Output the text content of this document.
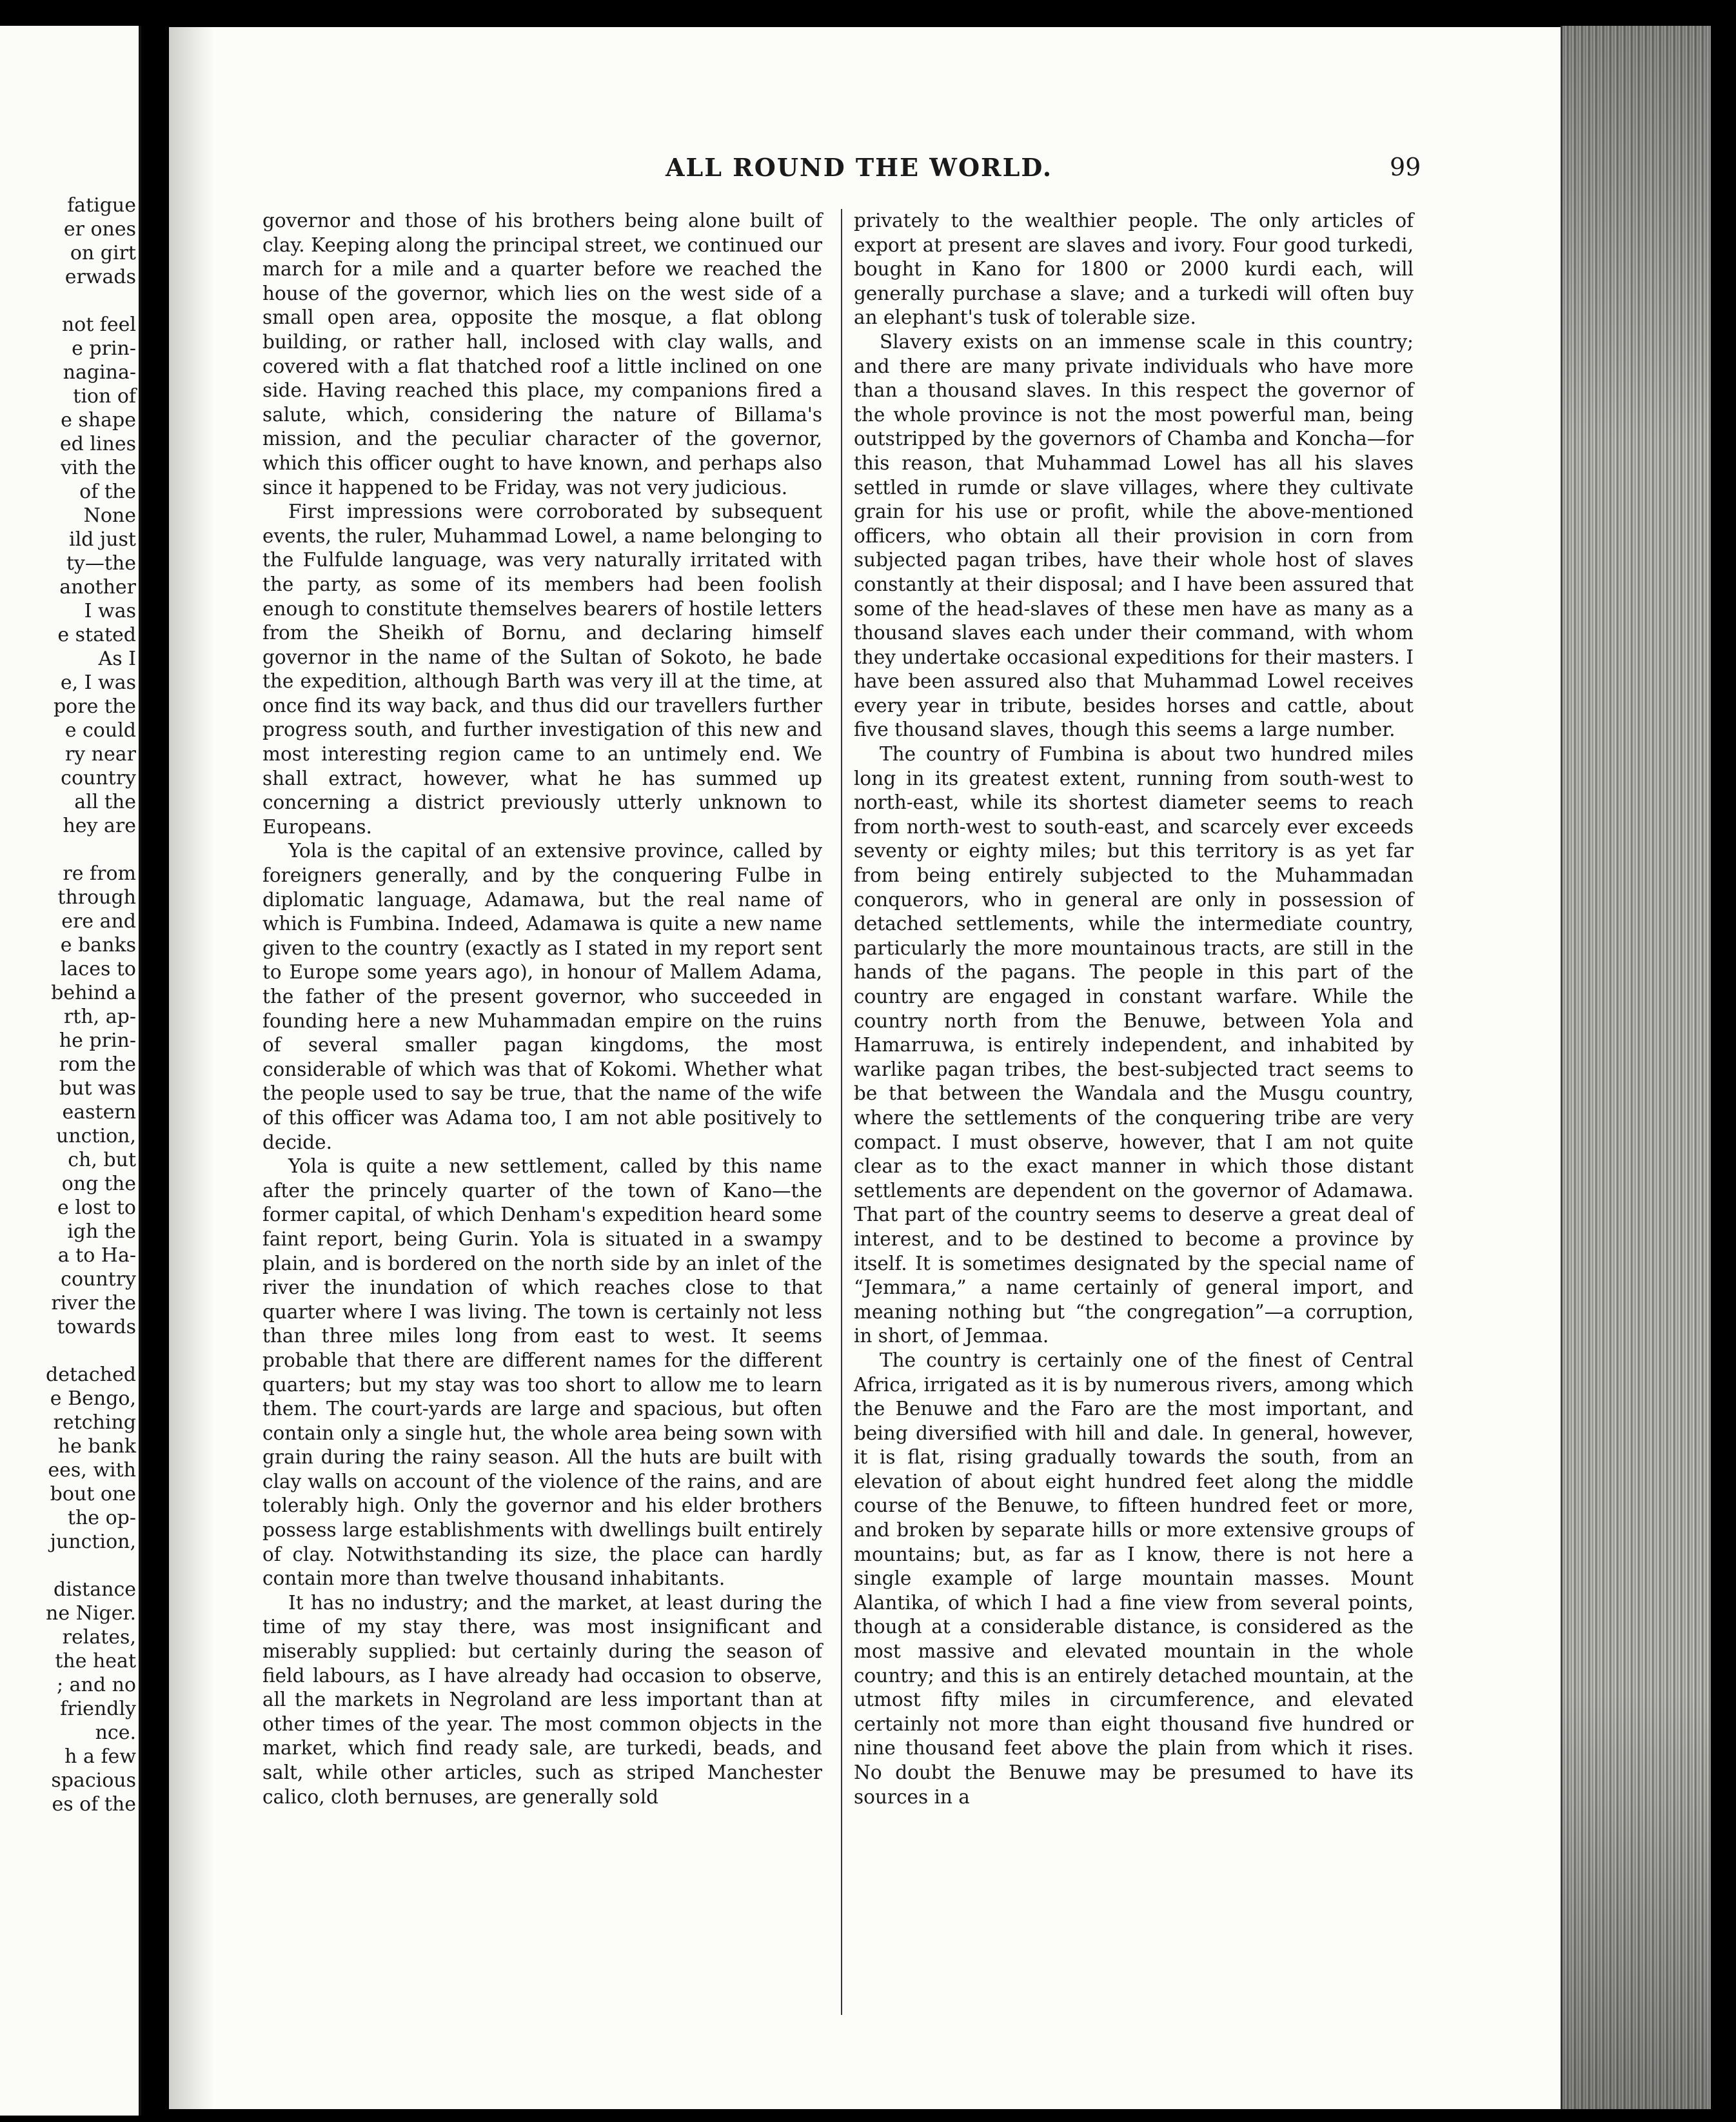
fatigue
er ones
on girt
erwads
not feel
e prin-
nagina-
tion of
e shape
ed lines
vith the
of the
None
ild just
ty—the
another
I was
e stated
As I
e, I was
pore the
e could
ry near
country
all the
hey are
re from
through
ere and
e banks
laces to
behind a
rth, ap-
he prin-
rom the
but was
eastern
unction,
ch, but
ong the
e lost to
igh the
a to Ha-
country
river the
towards
detached
e Bengo,
retching
he bank
ees, with
bout one
the op-
junction,
distance
ne Niger.
relates,
the heat
; and no
friendly
nce.
h a few
spacious
es of the
ALL ROUND THE WORLD.	99

governor and those of his brothers being alone built of clay. Keeping along the principal street, we continued our march for a mile and a quarter before we reached the house of the governor, which lies on the west side of a small open area, opposite the mosque, a flat oblong building, or rather hall, inclosed with clay walls, and covered with a flat thatched roof a little inclined on one side. Having reached this place, my companions fired a salute, which, considering the nature of Billama's mission, and the peculiar character of the governor, which this officer ought to have known, and perhaps also since it happened to be Friday, was not very judicious.

First impressions were corroborated by subsequent events, the ruler, Muhammad Lowel, a name belonging to the Fulfulde language, was very naturally irritated with the party, as some of its members had been foolish enough to constitute themselves bearers of hostile letters from the Sheikh of Bornu, and declaring himself governor in the name of the Sultan of Sokoto, he bade the expedition, although Barth was very ill at the time, at once find its way back, and thus did our travellers further progress south, and further investigation of this new and most interesting region came to an untimely end. We shall extract, however, what he has summed up concerning a district previously utterly unknown to Europeans.

Yola is the capital of an extensive province, called by foreigners generally, and by the conquering Fulbe in diplomatic language, Adamawa, but the real name of which is Fumbina. Indeed, Adamawa is quite a new name given to the country (exactly as I stated in my report sent to Europe some years ago), in honour of Mallem Adama, the father of the present governor, who succeeded in founding here a new Muhammadan empire on the ruins of several smaller pagan kingdoms, the most considerable of which was that of Kokomi. Whether what the people used to say be true, that the name of the wife of this officer was Adama too, I am not able positively to decide.

Yola is quite a new settlement, called by this name after the princely quarter of the town of Kano—the former capital, of which Denham's expedition heard some faint report, being Gurin. Yola is situated in a swampy plain, and is bordered on the north side by an inlet of the river the inundation of which reaches close to that quarter where I was living. The town is certainly not less than three miles long from east to west. It seems probable that there are different names for the different quarters; but my stay was too short to allow me to learn them. The court-yards are large and spacious, but often contain only a single hut, the whole area being sown with grain during the rainy season. All the huts are built with clay walls on account of the violence of the rains, and are tolerably high. Only the governor and his elder brothers possess large establishments with dwellings built entirely of clay. Notwithstanding its size, the place can hardly contain more than twelve thousand inhabitants.

It has no industry; and the market, at least during the time of my stay there, was most insignificant and miserably supplied: but certainly during the season of field labours, as I have already had occasion to observe, all the markets in Negroland are less important than at other times of the year. The most common objects in the market, which find ready sale, are turkedi, beads, and salt, while other articles, such as striped Manchester calico, cloth bernuses, are generally sold

privately to the wealthier people. The only articles of export at present are slaves and ivory. Four good turkedi, bought in Kano for 1800 or 2000 kurdi each, will generally purchase a slave; and a turkedi will often buy an elephant's tusk of tolerable size.

Slavery exists on an immense scale in this country; and there are many private individuals who have more than a thousand slaves. In this respect the governor of the whole province is not the most powerful man, being outstripped by the governors of Chamba and Koncha—for this reason, that Muhammad Lowel has all his slaves settled in rumde or slave villages, where they cultivate grain for his use or profit, while the above-mentioned officers, who obtain all their provision in corn from subjected pagan tribes, have their whole host of slaves constantly at their disposal; and I have been assured that some of the head-slaves of these men have as many as a thousand slaves each under their command, with whom they undertake occasional expeditions for their masters. I have been assured also that Muhammad Lowel receives every year in tribute, besides horses and cattle, about five thousand slaves, though this seems a large number.

The country of Fumbina is about two hundred miles long in its greatest extent, running from south-west to north-east, while its shortest diameter seems to reach from north-west to south-east, and scarcely ever exceeds seventy or eighty miles; but this territory is as yet far from being entirely subjected to the Muhammadan conquerors, who in general are only in possession of detached settlements, while the intermediate country, particularly the more mountainous tracts, are still in the hands of the pagans. The people in this part of the country are engaged in constant warfare. While the country north from the Benuwe, between Yola and Hamarruwa, is entirely independent, and inhabited by warlike pagan tribes, the best-subjected tract seems to be that between the Wandala and the Musgu country, where the settlements of the conquering tribe are very compact. I must observe, however, that I am not quite clear as to the exact manner in which those distant settlements are dependent on the governor of Adamawa. That part of the country seems to deserve a great deal of interest, and to be destined to become a province by itself. It is sometimes designated by the special name of “Jemmara,” a name certainly of general import, and meaning nothing but “the congregation”—a corruption, in short, of Jemmaa.

The country is certainly one of the finest of Central Africa, irrigated as it is by numerous rivers, among which the Benuwe and the Faro are the most important, and being diversified with hill and dale. In general, however, it is flat, rising gradually towards the south, from an elevation of about eight hundred feet along the middle course of the Benuwe, to fifteen hundred feet or more, and broken by separate hills or more extensive groups of mountains; but, as far as I know, there is not here a single example of large mountain masses. Mount Alantika, of which I had a fine view from several points, though at a considerable distance, is considered as the most massive and elevated mountain in the whole country; and this is an entirely detached mountain, at the utmost fifty miles in circumference, and elevated certainly not more than eight thousand five hundred or nine thousand feet above the plain from which it rises. No doubt the Benuwe may be presumed to have its sources in a
